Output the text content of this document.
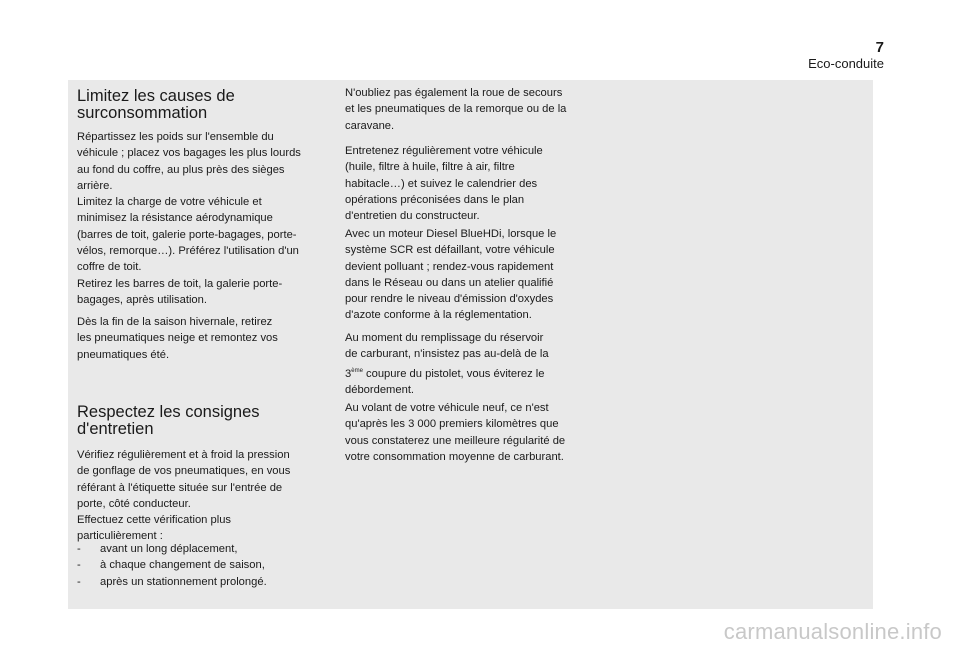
7
Eco-conduite
Limitez les causes de
surconsommation

Répartissez les poids sur l'ensemble du
véhicule ; placez vos bagages les plus lourds
au fond du coffre, au plus près des sièges
arrière.
Limitez la charge de votre véhicule et
minimisez la résistance aérodynamique
(barres de toit, galerie porte-bagages, porte-
vélos, remorque…). Préférez l'utilisation d'un
coffre de toit.
Retirez les barres de toit, la galerie porte-
bagages, après utilisation.

Dès la fin de la saison hivernale, retirez
les pneumatiques neige et remontez vos
pneumatiques été.

Respectez les consignes
d'entretien

Vérifiez régulièrement et à froid la pression
de gonflage de vos pneumatiques, en vous
référant à l'étiquette située sur l'entrée de
porte, côté conducteur.
Effectuez cette vérification plus
particulièrement :

-	avant un long déplacement,
-	à chaque changement de saison,
-	après un stationnement prolongé.

N'oubliez pas également la roue de secours
et les pneumatiques de la remorque ou de la
caravane.

Entretenez régulièrement votre véhicule
(huile, filtre à huile, filtre à air, filtre
habitacle…) et suivez le calendrier des
opérations préconisées dans le plan
d'entretien du constructeur.

Avec un moteur Diesel BlueHDi, lorsque le
système SCR est défaillant, votre véhicule
devient polluant ; rendez-vous rapidement
dans le Réseau ou dans un atelier qualifié
pour rendre le niveau d'émission d'oxydes
d'azote conforme à la réglementation.

Au moment du remplissage du réservoir
de carburant, n'insistez pas au-delà de la
3ème coupure du pistolet, vous éviterez le
débordement.

Au volant de votre véhicule neuf, ce n'est
qu'après les 3 000 premiers kilomètres que
vous constaterez une meilleure régularité de
votre consommation moyenne de carburant.

carmanualsonline.info
